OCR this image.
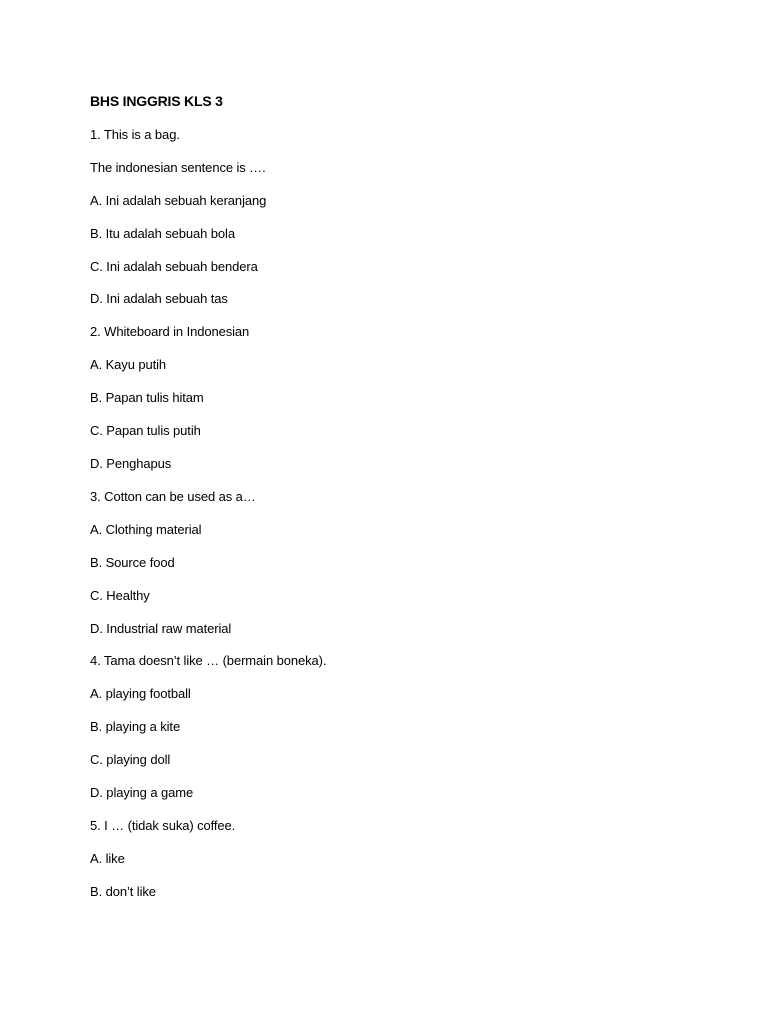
BHS INGGRIS KLS 3
1. This is a bag.
The indonesian sentence is ….
A. Ini adalah sebuah keranjang
B. Itu adalah sebuah bola
C. Ini adalah sebuah bendera
D. Ini adalah sebuah tas
2. Whiteboard in Indonesian
A. Kayu putih
B. Papan tulis hitam
C. Papan tulis putih
D. Penghapus
3. Cotton can be used as a…
A. Clothing material
B. Source food
C. Healthy
D. Industrial raw material
4. Tama doesn’t like … (bermain boneka).
A. playing football
B. playing a kite
C. playing doll
D. playing a game
5. I … (tidak suka) coffee.
A. like
B. don’t like
